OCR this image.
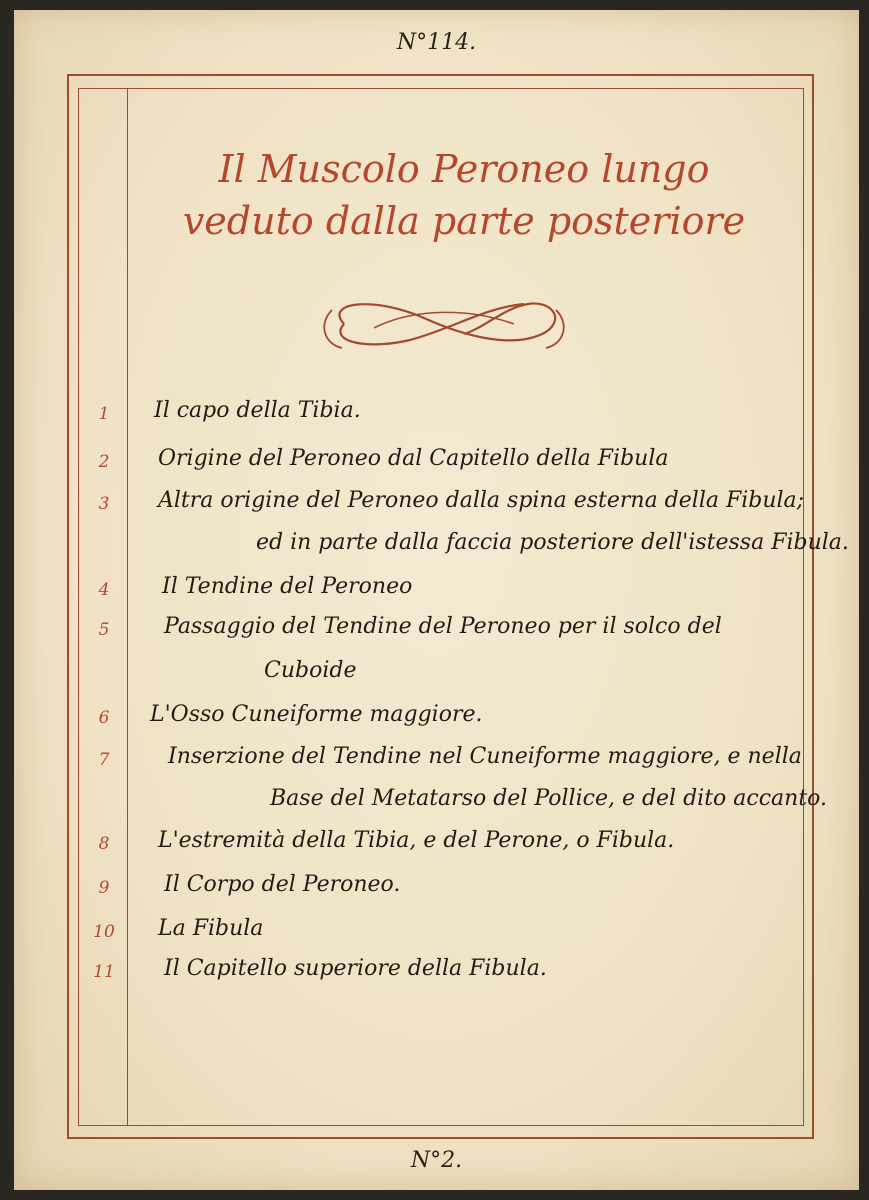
N°114.
Il Muscolo Peroneo lungo
veduto dalla parte posteriore
1	Il capo della Tibia.
2	Origine del Peroneo dal Capitello della Fibula
3	Altra origine del Peroneo dalla spina esterna della Fibula;
ed in parte dalla faccia posteriore dell'istessa Fibula.
4	Il Tendine del Peroneo
5	Passaggio del Tendine del Peroneo per il solco del
Cuboide
6	L'Osso Cuneiforme maggiore.
7	Inserzione del Tendine nel Cuneiforme maggiore, e nella
Base del Metatarso del Pollice, e del dito accanto.
8	L'estremità della Tibia, e del Perone, o Fibula.
9	Il Corpo del Peroneo.
10	La Fibula
11	Il Capitello superiore della Fibula.
N°2.
